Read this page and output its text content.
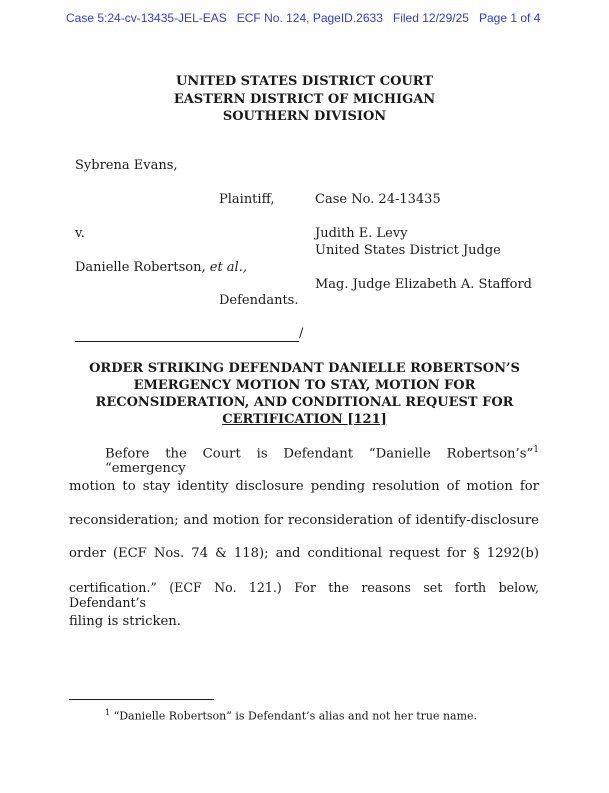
Case 5:24-cv-13435-JEL-EAS ECF No. 124, PageID.2633 Filed 12/29/25 Page 1 of 4
UNITED STATES DISTRICT COURT
EASTERN DISTRICT OF MICHIGAN
SOUTHERN DIVISION
Sybrena Evans,
Plaintiff,	Case No. 24-13435
v.	Judith E. Levy
United States District Judge
Danielle Robertson, et al.,
Mag. Judge Elizabeth A. Stafford
Defendants.
/
ORDER STRIKING DEFENDANT DANIELLE ROBERTSON’S
EMERGENCY MOTION TO STAY, MOTION FOR
RECONSIDERATION, AND CONDITIONAL REQUEST FOR
CERTIFICATION [121]
Before the Court is Defendant “Danielle Robertson’s”$^1$ “emergency
motion to stay identity disclosure pending resolution of motion for
reconsideration; and motion for reconsideration of identify-disclosure
order (ECF Nos. 74 & 118); and conditional request for § 1292(b)
certification.” (ECF No. 121.) For the reasons set forth below, Defendant’s
filing is stricken.
$^1$ “Danielle Robertson” is Defendant’s alias and not her true name.
